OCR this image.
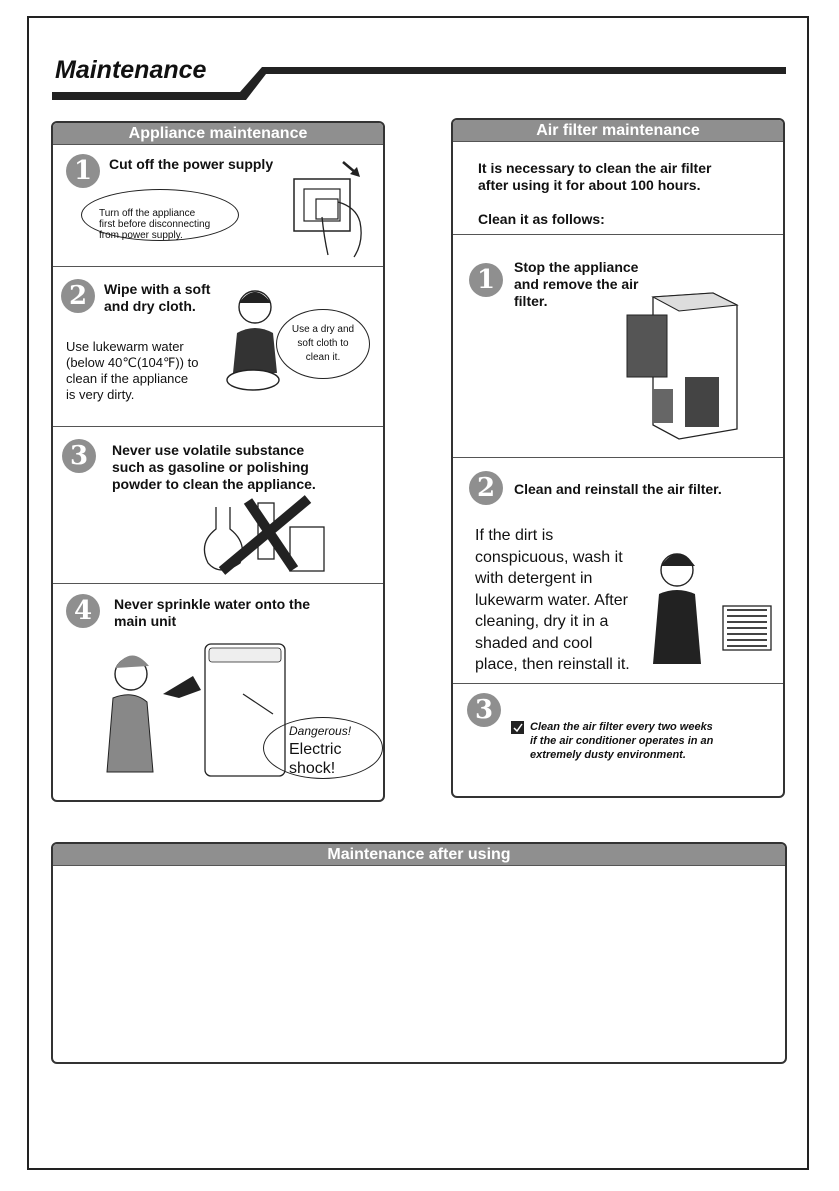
Maintenance
Appliance maintenance
1	Cut off the power supply
Turn off the appliance
first before disconnecting
from power supply.
2	Wipe with a soft
and dry cloth.
Use lukewarm water
(below 40℃(104℉)) to
clean if the appliance
is very dirty.
Use a dry and
soft cloth to
clean it.
3	Never use volatile substance
such as gasoline or polishing
powder to clean the appliance.
4	Never sprinkle water onto the
main unit
Dangerous!
Electric
shock!
Air filter maintenance
It is necessary to clean the air filter
after using it for about 100 hours.
Clean it as follows:
1	Stop the appliance
and remove the air
filter.
2	Clean and reinstall the air filter.
If the dirt is
conspicuous, wash it
with detergent in
lukewarm water. After
cleaning, dry it in a
shaded and cool
place, then reinstall it.
3
Clean the air filter every two weeks
if the air conditioner operates in an
extremely dusty environment.
Maintenance after using
